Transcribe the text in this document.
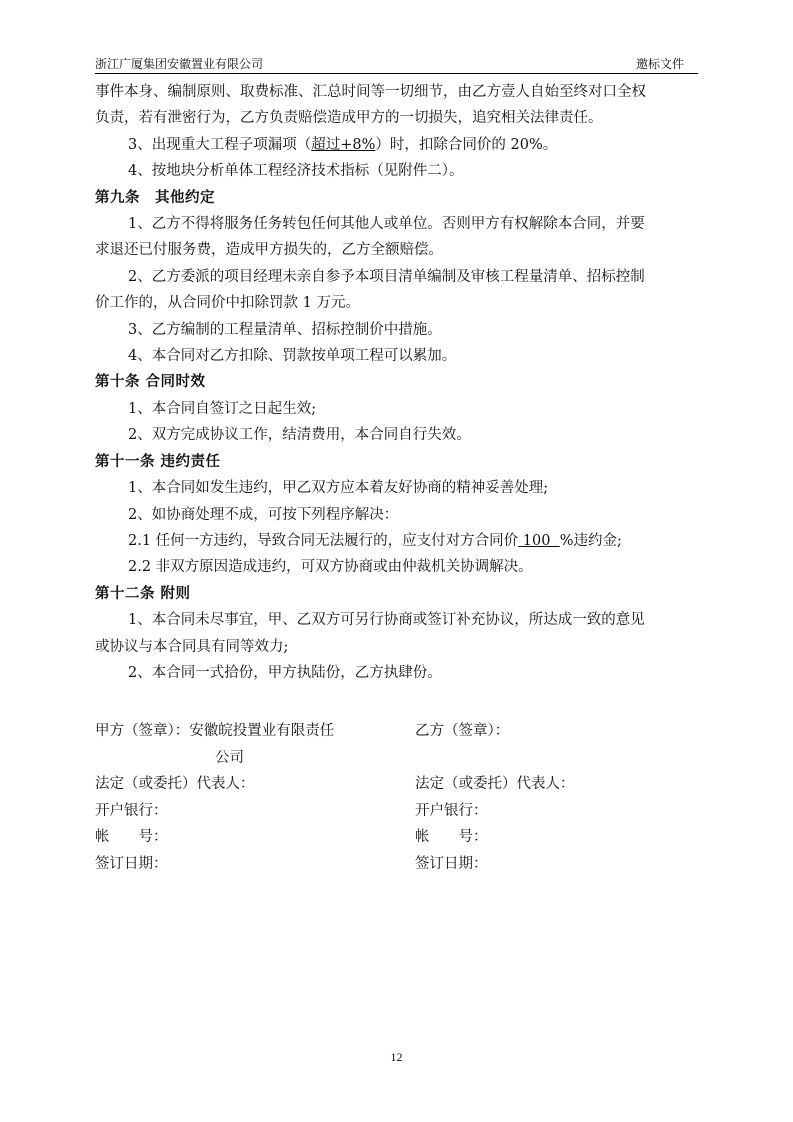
浙江广厦集团安徽置业有限公司	邀标文件

事件本身、编制原则、取费标准、汇总时间等一切细节，由乙方壹人自始至终对口全权

负责，若有泄密行为，乙方负责赔偿造成甲方的一切损失，追究相关法律责任。

3、出现重大工程子项漏项（超过+8%）时，扣除合同价的 20%。

4、按地块分析单体工程经济技术指标（见附件二）。

第九条　其他约定

1、乙方不得将服务任务转包任何其他人或单位。否则甲方有权解除本合同，并要

求退还已付服务费，造成甲方损失的，乙方全额赔偿。

2、乙方委派的项目经理未亲自参予本项目清单编制及审核工程量清单、招标控制

价工作的，从合同价中扣除罚款 1 万元。

3、乙方编制的工程量清单、招标控制价中措施。

4、本合同对乙方扣除、罚款按单项工程可以累加。

第十条 合同时效

1、本合同自签订之日起生效;

2、双方完成协议工作，结清费用，本合同自行失效。

第十一条 违约责任

1、本合同如发生违约，甲乙双方应本着友好协商的精神妥善处理;

2、如协商处理不成，可按下列程序解决：

2.1 任何一方违约，导致合同无法履行的，应支付对方合同价 100  %违约金;

2.2 非双方原因造成违约，可双方协商或由仲裁机关协调解决。

第十二条 附则

1、本合同未尽事宜，甲、乙双方可另行协商或签订补充协议，所达成一致的意见

或协议与本合同具有同等效力;

2、本合同一式拾份，甲方执陆份，乙方执肆份。

甲方（签章）：安徽皖投置业有限责任	乙方（签章）：
公司
法定（或委托）代表人：	法定（或委托）代表人：
开户银行：	开户银行：
帐　　号：	帐　　号：
签订日期：	签订日期：
12
